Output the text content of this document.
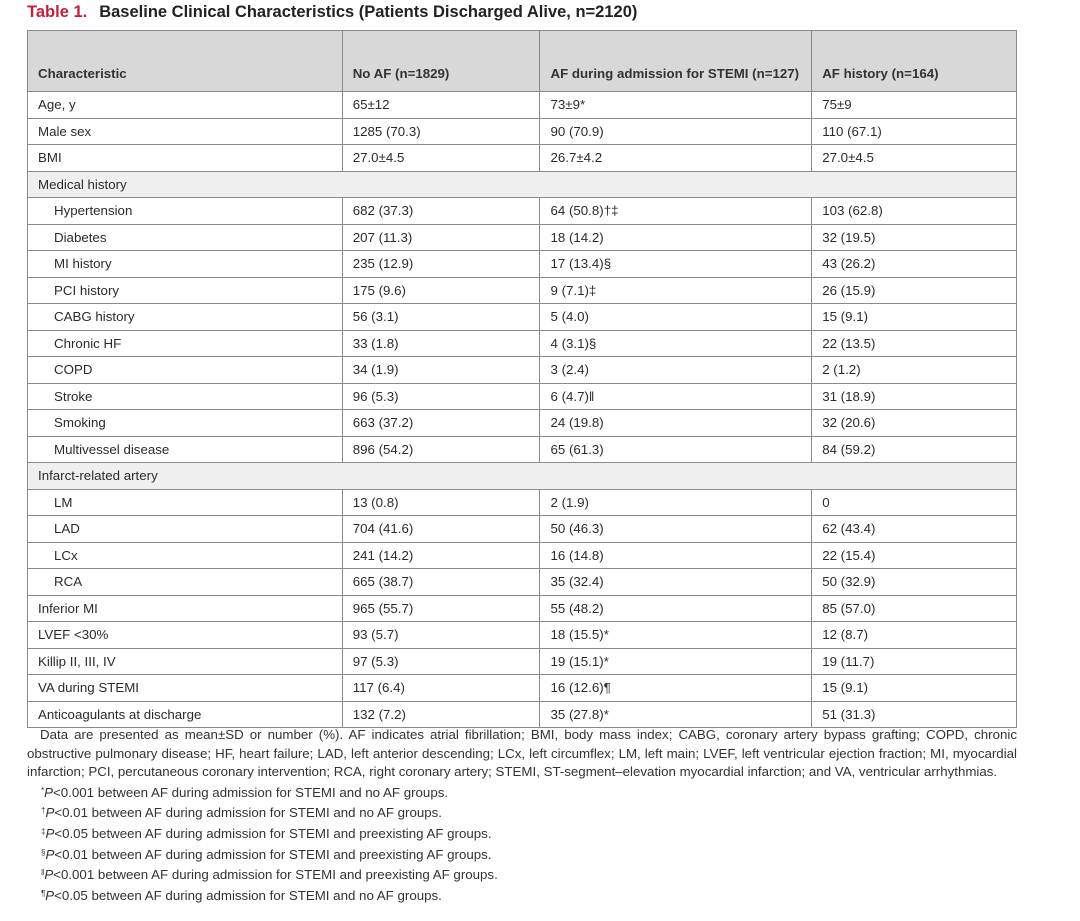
Table 1. Baseline Clinical Characteristics (Patients Discharged Alive, n=2120)
Characteristic	No AF (n=1829)	AF during admission for STEMI (n=127)	AF history (n=164)
Age, y	65±12	73±9*	75±9
Male sex	1285 (70.3)	90 (70.9)	110 (67.1)
BMI	27.0±4.5	26.7±4.2	27.0±4.5
Medical history			
Hypertension	682 (37.3)	64 (50.8)†‡	103 (62.8)
Diabetes	207 (11.3)	18 (14.2)	32 (19.5)
MI history	235 (12.9)	17 (13.4)§	43 (26.2)
PCI history	175 (9.6)	9 (7.1)‡	26 (15.9)
CABG history	56 (3.1)	5 (4.0)	15 (9.1)
Chronic HF	33 (1.8)	4 (3.1)§	22 (13.5)
COPD	34 (1.9)	3 (2.4)	2 (1.2)
Stroke	96 (5.3)	6 (4.7)‖	31 (18.9)
Smoking	663 (37.2)	24 (19.8)	32 (20.6)
Multivessel disease	896 (54.2)	65 (61.3)	84 (59.2)
Infarct-related artery			
LM	13 (0.8)	2 (1.9)	0
LAD	704 (41.6)	50 (46.3)	62 (43.4)
LCx	241 (14.2)	16 (14.8)	22 (15.4)
RCA	665 (38.7)	35 (32.4)	50 (32.9)
Inferior MI	965 (55.7)	55 (48.2)	85 (57.0)
LVEF <30%	93 (5.7)	18 (15.5)*	12 (8.7)
Killip II, III, IV	97 (5.3)	19 (15.1)*	19 (11.7)
VA during STEMI	117 (6.4)	16 (12.6)¶	15 (9.1)
Anticoagulants at discharge	132 (7.2)	35 (27.8)*	51 (31.3)

Data are presented as mean±SD or number (%). AF indicates atrial fibrillation; BMI, body mass index; CABG, coronary artery bypass grafting; COPD, chronic obstructive pulmonary disease; HF, heart failure; LAD, left anterior descending; LCx, left circumflex; LM, left main; LVEF, left ventricular ejection fraction; MI, myocardial infarction; PCI, percutaneous coronary intervention; RCA, right coronary artery; STEMI, ST-segment–elevation myocardial infarction; and VA, ventricular arrhythmias.

*P<0.001 between AF during admission for STEMI and no AF groups.
†P<0.01 between AF during admission for STEMI and no AF groups.
‡P<0.05 between AF during admission for STEMI and preexisting AF groups.
§P<0.01 between AF during admission for STEMI and preexisting AF groups.
‖P<0.001 between AF during admission for STEMI and preexisting AF groups.
¶P<0.05 between AF during admission for STEMI and no AF groups.
